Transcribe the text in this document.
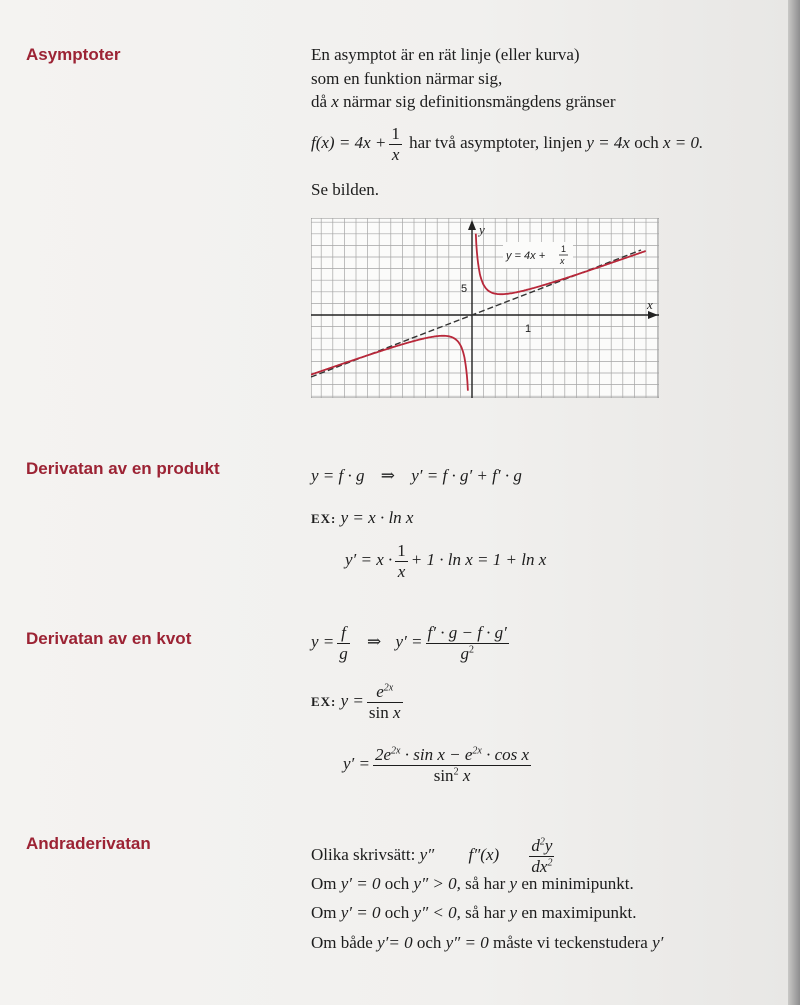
Asymptoter	En asymptot är en rät linje (eller kurva)
som en funktion närmar sig,
då x närmar sig definitionsmängdens gränser
$f(x) = 4x + \frac{1}{x}$ har två asymptoter, linjen y = 4x och x = 0.
Se bilden.
y
x
5
1
y = 4x +
1
x
Derivatan av en produkt	y = f · g ⇒ y′ = f · g′ + f′ · g
EX: y = x · ln x
$y' = x \cdot \frac{1}{x} + 1 \cdot \ln x = 1 + \ln x$
Derivatan av en kvot	$y = \frac{f}{g}$ ⇒ $y' = \frac{f' \cdot g - f \cdot g'}{g^2}$
EX: $y = \frac{e^{2x}}{\text{sin x}}$
$y' = \frac{2e^{2x} \cdot \sin x - e^{2x} \cdot \cos x}{\sin^2 x}$
Andraderivatan
Olika skrivsätt: y″ $f''(x) \frac{d^2y}{dx^2}$
Om y′ = 0 och y″ > 0, så har y en minimipunkt.
Om y′ = 0 och y″ < 0, så har y en maximipunkt.
Om både y′= 0 och y″ = 0 måste vi teckenstudera y′
